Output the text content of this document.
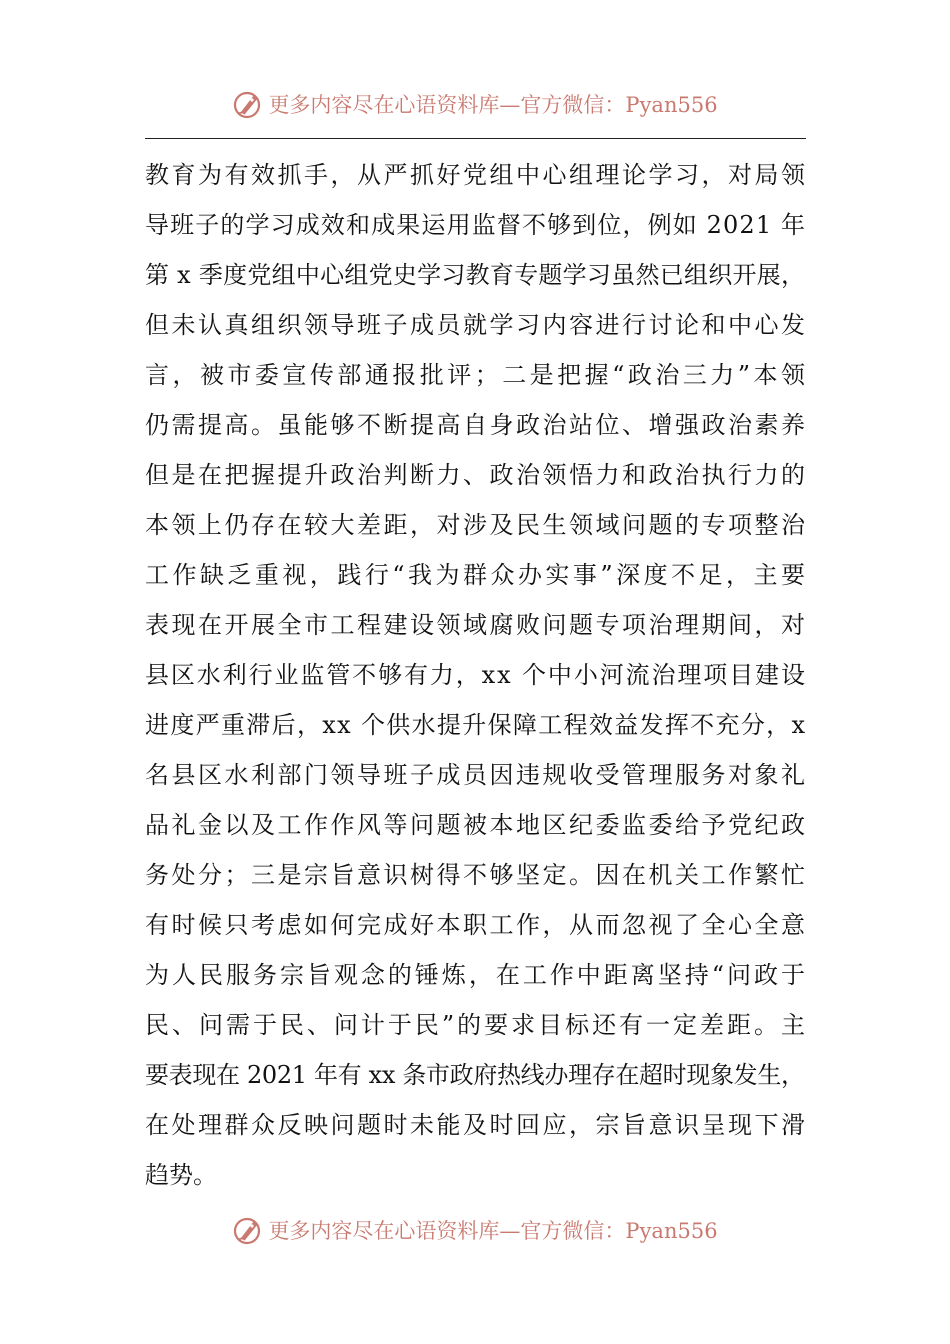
更多内容尽在心语资料库—官方微信：Pyan556
教育为有效抓手，从严抓好党组中心组理论学习，对局领
导班子的学习成效和成果运用监督不够到位，例如 2021 年
第 x 季度党组中心组党史学习教育专题学习虽然已组织开展，
但未认真组织领导班子成员就学习内容进行讨论和中心发
言，被市委宣传部通报批评；二是把握“政治三力”本领
仍需提高。虽能够不断提高自身政治站位、增强政治素养
但是在把握提升政治判断力、政治领悟力和政治执行力的
本领上仍存在较大差距，对涉及民生领域问题的专项整治
工作缺乏重视，践行“我为群众办实事”深度不足，主要
表现在开展全市工程建设领域腐败问题专项治理期间，对
县区水利行业监管不够有力，xx 个中小河流治理项目建设
进度严重滞后，xx 个供水提升保障工程效益发挥不充分，x
名县区水利部门领导班子成员因违规收受管理服务对象礼
品礼金以及工作作风等问题被本地区纪委监委给予党纪政
务处分；三是宗旨意识树得不够坚定。因在机关工作繁忙
有时候只考虑如何完成好本职工作，从而忽视了全心全意
为人民服务宗旨观念的锤炼，在工作中距离坚持“问政于
民、问需于民、问计于民”的要求目标还有一定差距。主
要表现在 2021 年有 xx 条市政府热线办理存在超时现象发生，
在处理群众反映问题时未能及时回应，宗旨意识呈现下滑
趋势。
更多内容尽在心语资料库—官方微信：Pyan556
